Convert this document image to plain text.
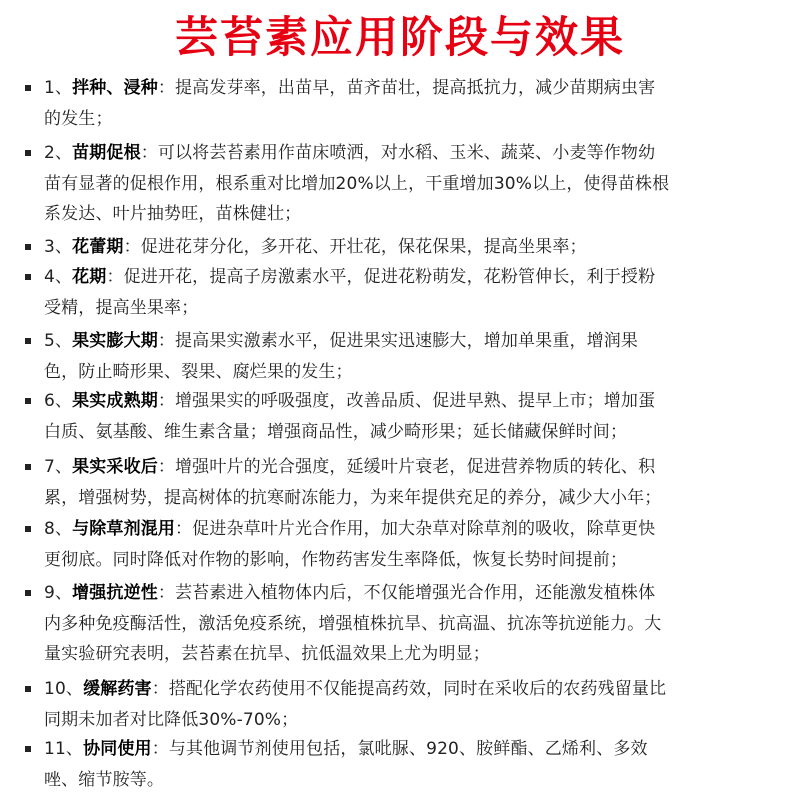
芸苔素应用阶段与效果
1、拌种、浸种：提高发芽率，出苗早，苗齐苗壮，提高抵抗力，减少苗期病虫害
的发生；
2、苗期促根：可以将芸苔素用作苗床喷洒，对水稻、玉米、蔬菜、小麦等作物幼
苗有显著的促根作用，根系重对比增加20%以上，干重增加30%以上，使得苗株根
系发达、叶片抽势旺，苗株健壮；
3、花蕾期：促进花芽分化，多开花、开壮花，保花保果，提高坐果率；
4、花期：促进开花，提高子房激素水平，促进花粉萌发，花粉管伸长，利于授粉
受精，提高坐果率；
5、果实膨大期：提高果实激素水平，促进果实迅速膨大，增加单果重，增润果
色，防止畸形果、裂果、腐烂果的发生；
6、果实成熟期：增强果实的呼吸强度，改善品质、促进早熟、提早上市；增加蛋
白质、氨基酸、维生素含量；增强商品性，减少畸形果；延长储藏保鲜时间；
7、果实采收后：增强叶片的光合强度，延缓叶片衰老，促进营养物质的转化、积
累，增强树势，提高树体的抗寒耐冻能力，为来年提供充足的养分，减少大小年；
8、与除草剂混用：促进杂草叶片光合作用，加大杂草对除草剂的吸收，除草更快
更彻底。同时降低对作物的影响，作物药害发生率降低，恢复长势时间提前；
9、增强抗逆性：芸苔素进入植物体内后，不仅能增强光合作用，还能激发植株体
内多种免疫酶活性，激活免疫系统，增强植株抗旱、抗高温、抗冻等抗逆能力。大
量实验研究表明，芸苔素在抗旱、抗低温效果上尤为明显；
10、缓解药害：搭配化学农药使用不仅能提高药效，同时在采收后的农药残留量比
同期未加者对比降低30%-70%；
11、协同使用：与其他调节剂使用包括，氯吡脲、920、胺鲜酯、乙烯利、多效
唑、缩节胺等。
